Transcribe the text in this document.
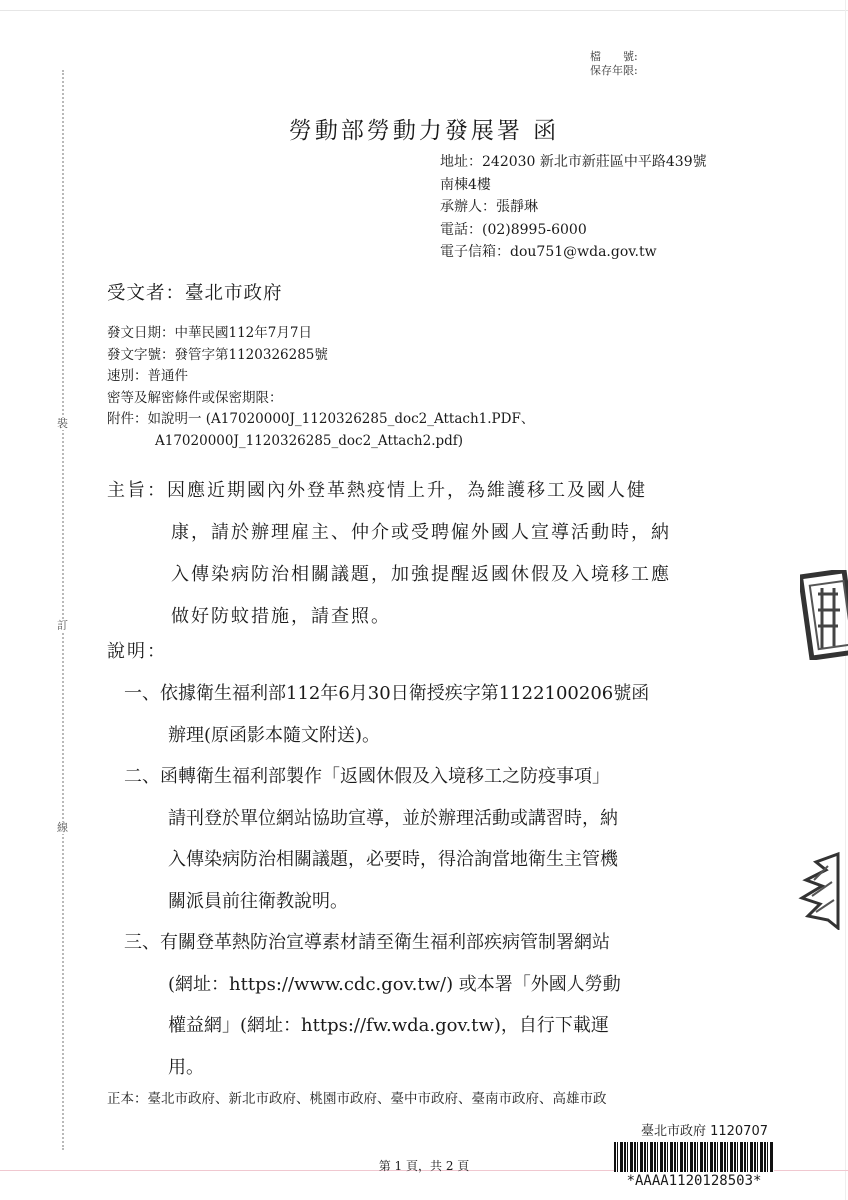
裝
訂
線
檔　　號:
保存年限:
勞動部勞動力發展署 函
地址：242030 新北市新莊區中平路439號
南棟4樓
承辦人：張靜琳
電話：(02)8995-6000
電子信箱：dou751@wda.gov.tw
受文者：臺北市政府
發文日期：中華民國112年7月7日
發文字號：發管字第1120326285號
速別：普通件
密等及解密條件或保密期限：
附件：如說明一 (A17020000J_1120326285_doc2_Attach1.PDF、
A17020000J_1120326285_doc2_Attach2.pdf)
主旨：因應近期國內外登革熱疫情上升，為維護移工及國人健
康，請於辦理雇主、仲介或受聘僱外國人宣導活動時，納
入傳染病防治相關議題，加強提醒返國休假及入境移工應
做好防蚊措施，請查照。
說明：
一、依據衛生福利部112年6月30日衛授疾字第1122100206號函
辦理(原函影本隨文附送)。
二、函轉衛生福利部製作「返國休假及入境移工之防疫事項」
請刊登於單位網站協助宣導，並於辦理活動或講習時，納
入傳染病防治相關議題，必要時，得洽詢當地衛生主管機
關派員前往衛教說明。
三、有關登革熱防治宣導素材請至衛生福利部疾病管制署網站
(網址：https://www.cdc.gov.tw/) 或本署「外國人勞動
權益網」(網址：https://fw.wda.gov.tw)，自行下載運
用。
正本：臺北市政府、新北市政府、桃園市政府、臺中市政府、臺南市政府、高雄市政
第 1 頁，共 2 頁
臺北市政府 1120707
*AAAA1120128503*
